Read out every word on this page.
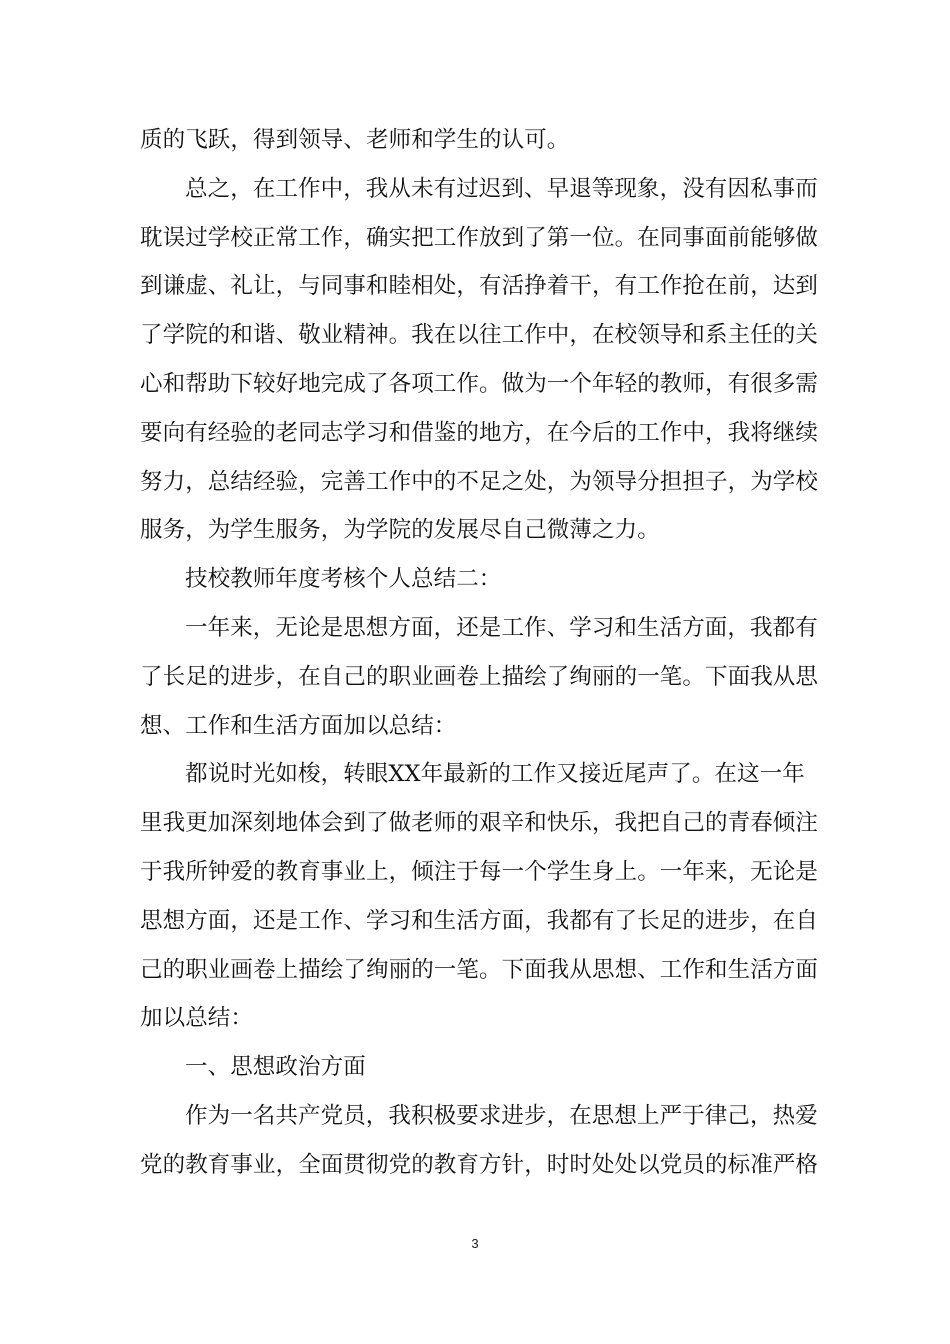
质的飞跃，得到领导、老师和学生的认可。
总之，在工作中，我从未有过迟到、早退等现象，没有因私事而
耽误过学校正常工作，确实把工作放到了第一位。在同事面前能够做
到谦虚、礼让，与同事和睦相处，有活挣着干，有工作抢在前，达到
了学院的和谐、敬业精神。我在以往工作中，在校领导和系主任的关
心和帮助下较好地完成了各项工作。做为一个年轻的教师，有很多需
要向有经验的老同志学习和借鉴的地方，在今后的工作中，我将继续
努力，总结经验，完善工作中的不足之处，为领导分担担子，为学校
服务，为学生服务，为学院的发展尽自己微薄之力。
技校教师年度考核个人总结二：
一年来，无论是思想方面，还是工作、学习和生活方面，我都有
了长足的进步，在自己的职业画卷上描绘了绚丽的一笔。下面我从思
想、工作和生活方面加以总结：
都说时光如梭，转眼XX年最新的工作又接近尾声了。在这一年
里我更加深刻地体会到了做老师的艰辛和快乐，我把自己的青春倾注
于我所钟爱的教育事业上，倾注于每一个学生身上。一年来，无论是
思想方面，还是工作、学习和生活方面，我都有了长足的进步，在自
己的职业画卷上描绘了绚丽的一笔。下面我从思想、工作和生活方面
加以总结：
一、思想政治方面
作为一名共产党员，我积极要求进步，在思想上严于律己，热爱
党的教育事业，全面贯彻党的教育方针，时时处处以党员的标准严格
3
